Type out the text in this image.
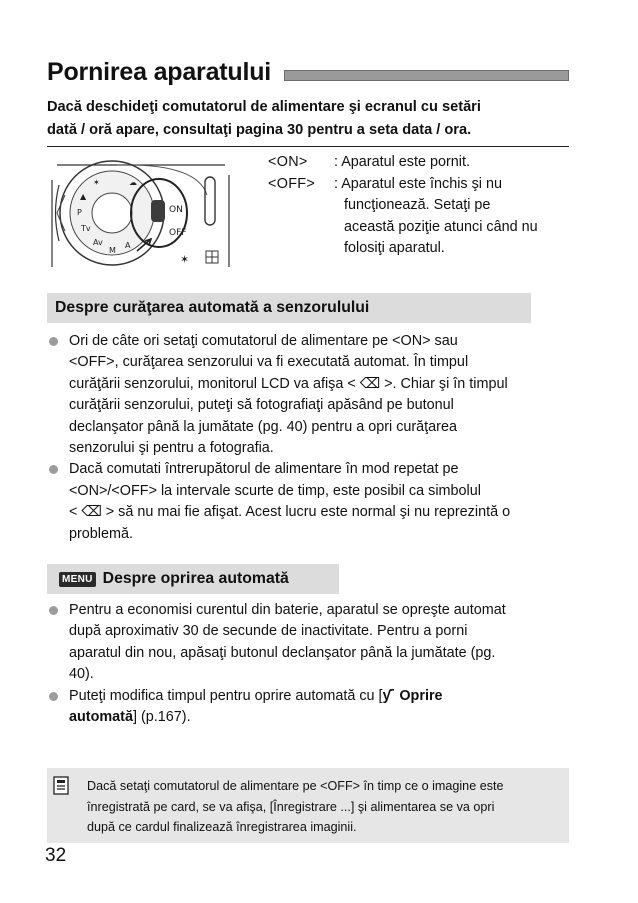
Pornirea aparatului
Dacă deschideţi comutatorul de alimentare şi ecranul cu setări
dată / oră apare, consultaţi pagina 30 pentru a seta data / ora.
✶
▲
P
Tv
Av
M
A
☁
ON
OFF
✶
<ON> : Aparatul este pornit.
<OFF> : Aparatul este închis şi nu
funcţionează. Setaţi pe
această poziţie atunci când nu
folosiţi aparatul.
Despre curăţarea automată a senzorulului
Ori de câte ori setaţi comutatorul de alimentare pe <ON> sau
<OFF>, curăţarea senzorului va fi executată automat. În timpul
curăţării senzorului, monitorul LCD va afişa < ⌫ >. Chiar şi în timpul
curăţării senzorului, puteţi să fotografiaţi apăsând pe butonul
declanşator până la jumătate (pg. 40) pentru a opri curăţarea
senzorului şi pentru a fotografia.
Dacă comutati întrerupătorul de alimentare în mod repetat pe
<ON>/<OFF> la intervale scurte de timp, este posibil ca simbolul
< ⌫ > să nu mai fie afişat. Acest lucru este normal şi nu reprezintă o
problemă.
MENU Despre oprirea automată
Pentru a economisi curentul din baterie, aparatul se opreşte automat
după aproximativ 30 de secunde de inactivitate. Pentru a porni
aparatul din nou, apăsaţi butonul declanşator până la jumătate (pg.
40).
Puteţi modifica timpul pentru oprire automată cu [ƴ˙ Oprire
automată] (p.167).
Dacă setaţi comutatorul de alimentare pe <OFF> în timp ce o imagine este
înregistrată pe card, se va afişa, [Înregistrare ...] şi alimentarea se va opri
după ce cardul finalizează înregistrarea imaginii.
32
